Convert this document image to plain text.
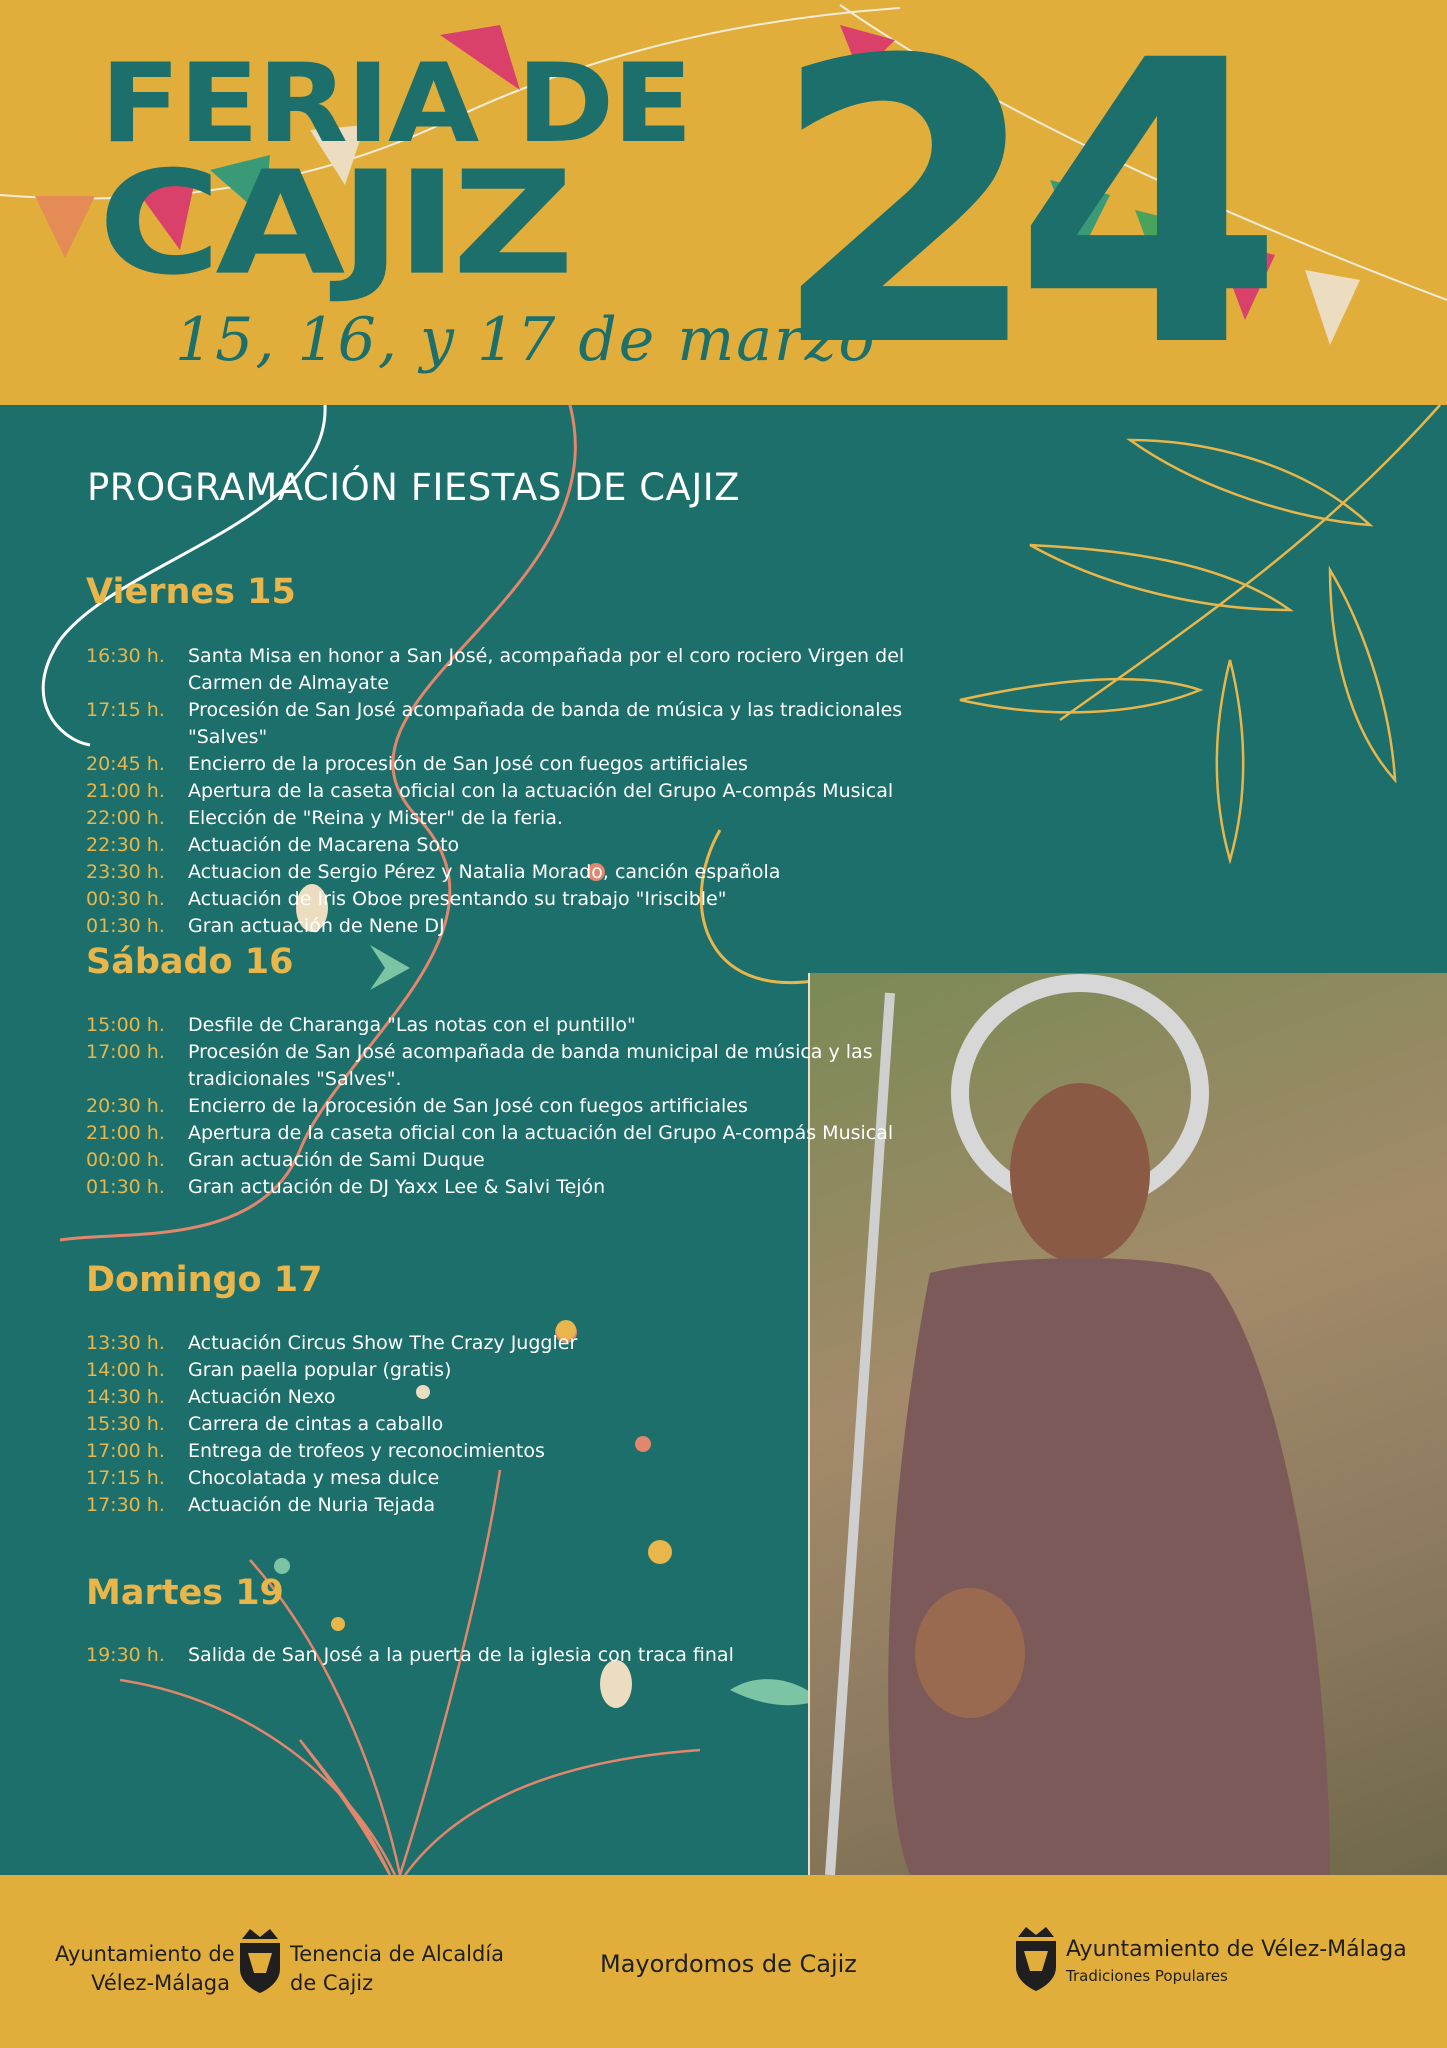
FERIA DE
CAJIZ 24
15, 16, y 17 de marzo
PROGRAMACIÓN FIESTAS DE CAJIZ
Viernes 15
16:30 h.	Santa Misa en honor a San José, acompañada por el coro rociero Virgen del Carmen de Almayate
17:15 h.	Procesión de San José acompañada de banda de música y las tradicionales "Salves"
20:45 h.	Encierro de la procesión de San José con fuegos artificiales
21:00 h.	Apertura de la caseta oficial con la actuación del Grupo A-compás Musical
22:00 h.	Elección de "Reina y Mister" de la feria.
22:30 h.	Actuación de Macarena Soto
23:30 h.	Actuacion de Sergio Pérez y Natalia Morado, canción española
00:30 h.	Actuación de Iris Oboe presentando su trabajo "Iriscible"
01:30 h.	Gran actuación de Nene DJ
Sábado 16
15:00 h.	Desfile de Charanga "Las notas con el puntillo"
17:00 h.	Procesión de San José acompañada de banda municipal de música y las tradicionales "Salves".
20:30 h.	Encierro de la procesión de San José con fuegos artificiales
21:00 h.	Apertura de la caseta oficial con la actuación del Grupo A-compás Musical
00:00 h.	Gran actuación de Sami Duque
01:30 h.	Gran actuación de DJ Yaxx Lee & Salvi Tejón
Domingo 17
13:30 h.	Actuación Circus Show The Crazy Juggler
14:00 h.	Gran paella popular (gratis)
14:30 h.	Actuación Nexo
15:30 h.	Carrera de cintas a caballo
17:00 h.	Entrega de trofeos y reconocimientos
17:15 h.	Chocolatada y mesa dulce
17:30 h.	Actuación de Nuria Tejada
Martes 19
19:30 h.	Salida de San José a la puerta de la iglesia con traca final
Ayuntamiento de
Vélez-Málaga
Tenencia de Alcaldía
de Cajiz
Mayordomos de Cajiz
Ayuntamiento de Vélez-Málaga
Tradiciones Populares
